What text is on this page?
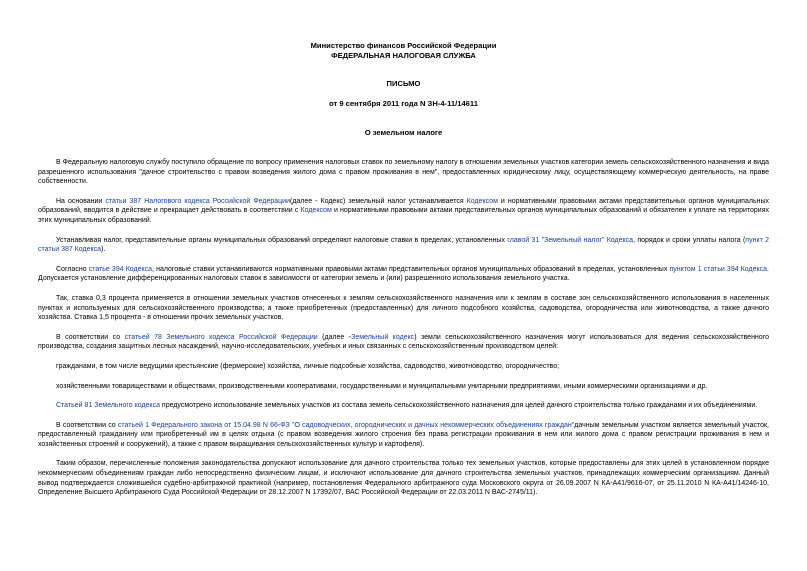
Министерство финансов Российской Федерации
ФЕДЕРАЛЬНАЯ НАЛОГОВАЯ СЛУЖБА
ПИСЬМО
от 9 сентября 2011 года N ЗН-4-11/14611
О земельном налоге

В Федеральную налоговую службу поступило обращение по вопросу применения налоговых ставок по земельному налогу в отношении земельных участков категории земель сельскохозяйственного назначения и вида разрешенного использования "дачное строительство с правом возведения жилого дома с правом проживания в нем", предоставленных юридическому лицу, осуществляющему коммерческую деятельность, на праве собственности.

На основании статьи 387 Налогового кодекса Российской Федерации(далее - Кодекс) земельный налог устанавливается Кодексом и нормативными правовыми актами представительных органов муниципальных образований, вводится в действие и прекращает действовать в соответствии с Кодексом и нормативными правовыми актами представительных органов муниципальных образований и обязателен к уплате на территориях этих муниципальных образований.

Устанавливая налог, представительные органы муниципальных образований определяют налоговые ставки в пределах, установленных главой 31 "Земельный налог" Кодекса, порядок и сроки уплаты налога (пункт 2 статьи 387 Кодекса).

Согласно статье 394 Кодекса, налоговые ставки устанавливаются нормативными правовыми актами представительных органов муниципальных образований в пределах, установленных пунктом 1 статьи 394 Кодекса. Допускается установление дифференцированных налоговых ставок в зависимости от категории земель и (или) разрешенного использования земельного участка.

Так, ставка 0,3 процента применяется в отношении земельных участков отнесенных к землям сельскохозяйственного назначения или к землям в составе зон сельскохозяйственного использования в населенных пунктах и используемых для сельскохозяйственного производства; а также приобретенных (предоставленных) для личного подсобного хозяйства, садоводства, огородничества или животноводства, а также дачного хозяйства. Ставка 1,5 процента - в отношении прочих земельных участков.

В соответствии со статьей 78 Земельного кодекса Российской Федерации (далее -Земельный кодекс) земли сельскохозяйственного назначения могут использоваться для ведения сельскохозяйственного производства, создания защитных лесных насаждений, научно-исследовательских, учебных и иных связанных с сельскохозяйственным производством целей:

гражданами, в том числе ведущими крестьянские (фермерские) хозяйства, личные подсобные хозяйства, садоводство, животноводство, огородничество;

хозяйственными товариществами и обществами, производственными кооперативами, государственными и муниципальными унитарными предприятиями, иными коммерческими организациями и др.

Статьей 81 Земельного кодекса предусмотрено использование земельных участков из состава земель сельскохозяйственного назначения для целей дачного строительства только гражданами и их объединениями.

В соответствии со статьей 1 Федерального закона от 15.04.98 N 66-ФЗ "О садоводческих, огороднических и дачных некоммерческих объединениях граждан"дачным земельным участком является земельный участок, предоставленный гражданину или приобретенный им в целях отдыха (с правом возведения жилого строения без права регистрации проживания в нем или жилого дома с правом регистрации проживания в нем и хозяйственных строений и сооружений), а также с правом выращивания сельскохозяйственных культур и картофеля).

Таким образом, перечисленные положения законодательства допускают использование для дачного строительства только тех земельных участков, которые предоставлены для этих целей в установленном порядке некоммерческим объединениям граждан либо непосредственно физическим лицам, и исключают использование для дачного строительства земельных участков, принадлежащих коммерческим организациям. Данный вывод подтверждается сложившейся судебно-арбитражной практикой (например, постановления Федерального арбитражного суда Московского округа от 26.09.2007 N КА-А41/9616-07, от 25.11.2010 N КА-А41/14246-10, Определение Высшего Арбитражного Суда Российской Федерации от 28.12.2007 N 17392/07, ВАС Российской Федерации от 22.03.2011 N ВАС-2745/11).
